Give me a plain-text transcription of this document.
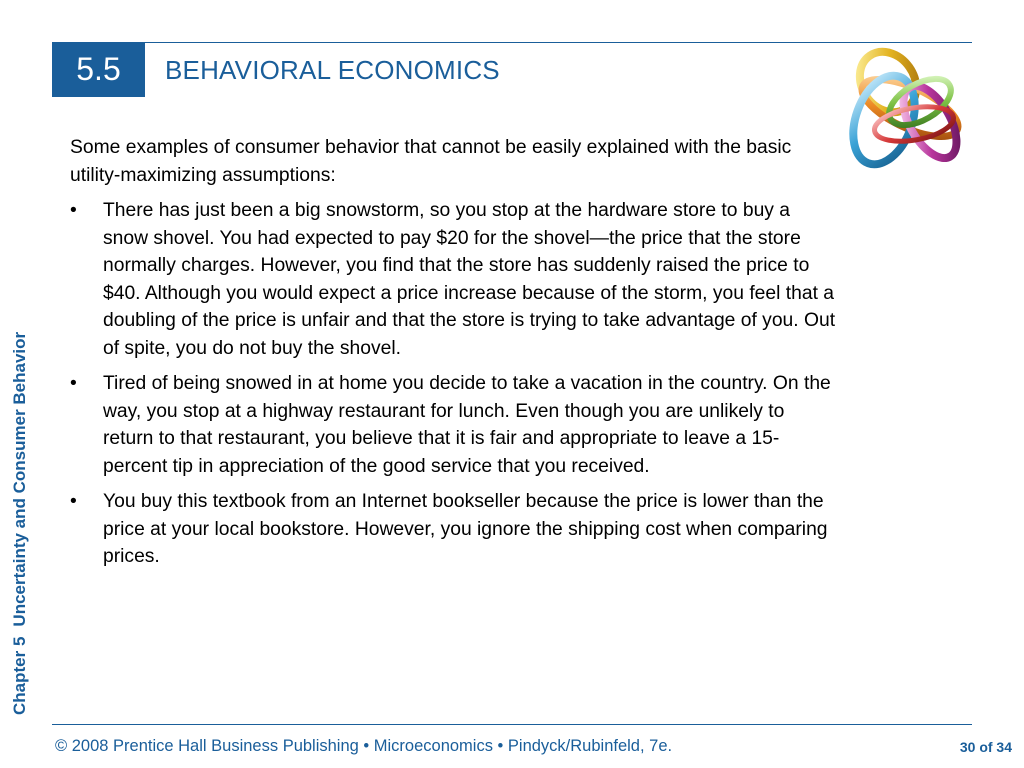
5.5	BEHAVIORAL ECONOMICS
Chapter 5Uncertainty and Consumer Behavior

Some examples of consumer behavior that cannot be easily explained with the basic utility-maximizing assumptions:

• There has just been a big snowstorm, so you stop at the hardware store to buy a snow shovel. You had expected to pay $20 for the shovel—the price that the store normally charges. However, you find that the store has suddenly raised the price to $40. Although you would expect a price increase because of the storm, you feel that a doubling of the price is unfair and that the store is trying to take advantage of you. Out of spite, you do not buy the shovel.
• Tired of being snowed in at home you decide to take a vacation in the country. On the way, you stop at a highway restaurant for lunch. Even though you are unlikely to return to that restaurant, you believe that it is fair and appropriate to leave a 15-percent tip in appreciation of the good service that you received.
• You buy this textbook from an Internet bookseller because the price is lower than the price at your local bookstore. However, you ignore the shipping cost when comparing prices.
© 2008 Prentice Hall Business Publishing • Microeconomics • Pindyck/Rubinfeld, 7e.	30 of 34
